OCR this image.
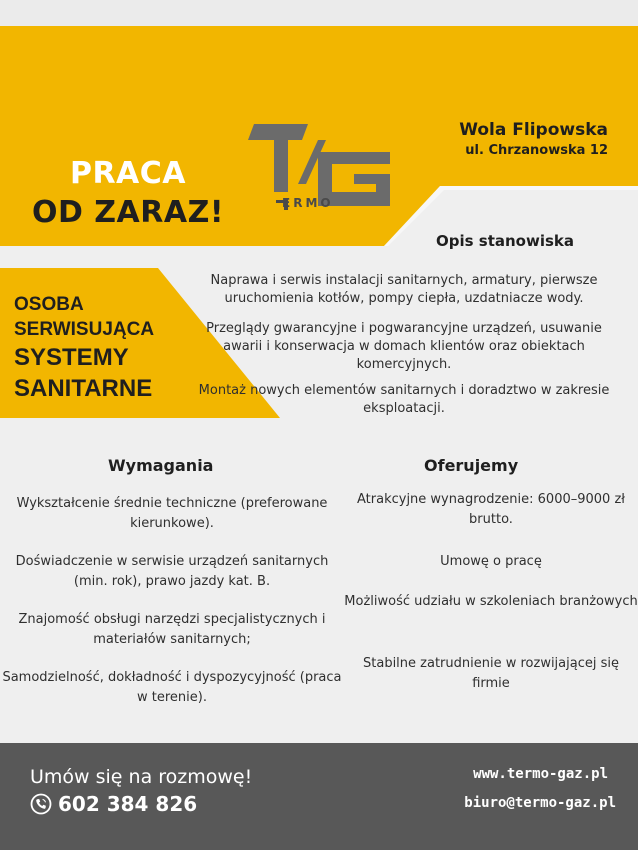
PRACA
OD ZARAZ!	ERMO
Wola Flipowska
ul. Chrzanowska 12
OSOBA
SERWISUJĄCA
SYSTEMY
SANITARNE
Opis stanowiska

Naprawa i serwis instalacji sanitarnych, armatury, pierwsze uruchomienia kotłów, pompy ciepła, uzdatniacze wody.

Przeglądy gwarancyjne i pogwarancyjne urządzeń, usuwanie awarii i konserwacja w domach klientów oraz obiektach komercyjnych.

Montaż nowych elementów sanitarnych i doradztwo w zakresie eksploatacji.

Wymagania

Wykształcenie średnie techniczne (preferowane kierunkowe).

Doświadczenie w serwisie urządzeń sanitarnych (min. rok), prawo jazdy kat. B.

Znajomość obsługi narzędzi specjalistycznych i materiałów sanitarnych;

Samodzielność, dokładność i dyspozycyjność (praca w terenie).

Oferujemy

Atrakcyjne wynagrodzenie: 6000–9000 zł brutto.

Umowę o pracę

Możliwość udziału w szkoleniach branżowych

Stabilne zatrudnienie w rozwijającej się firmie

Umów się na rozmowę!
602 384 826
www.termo-gaz.pl
biuro@termo-gaz.pl
